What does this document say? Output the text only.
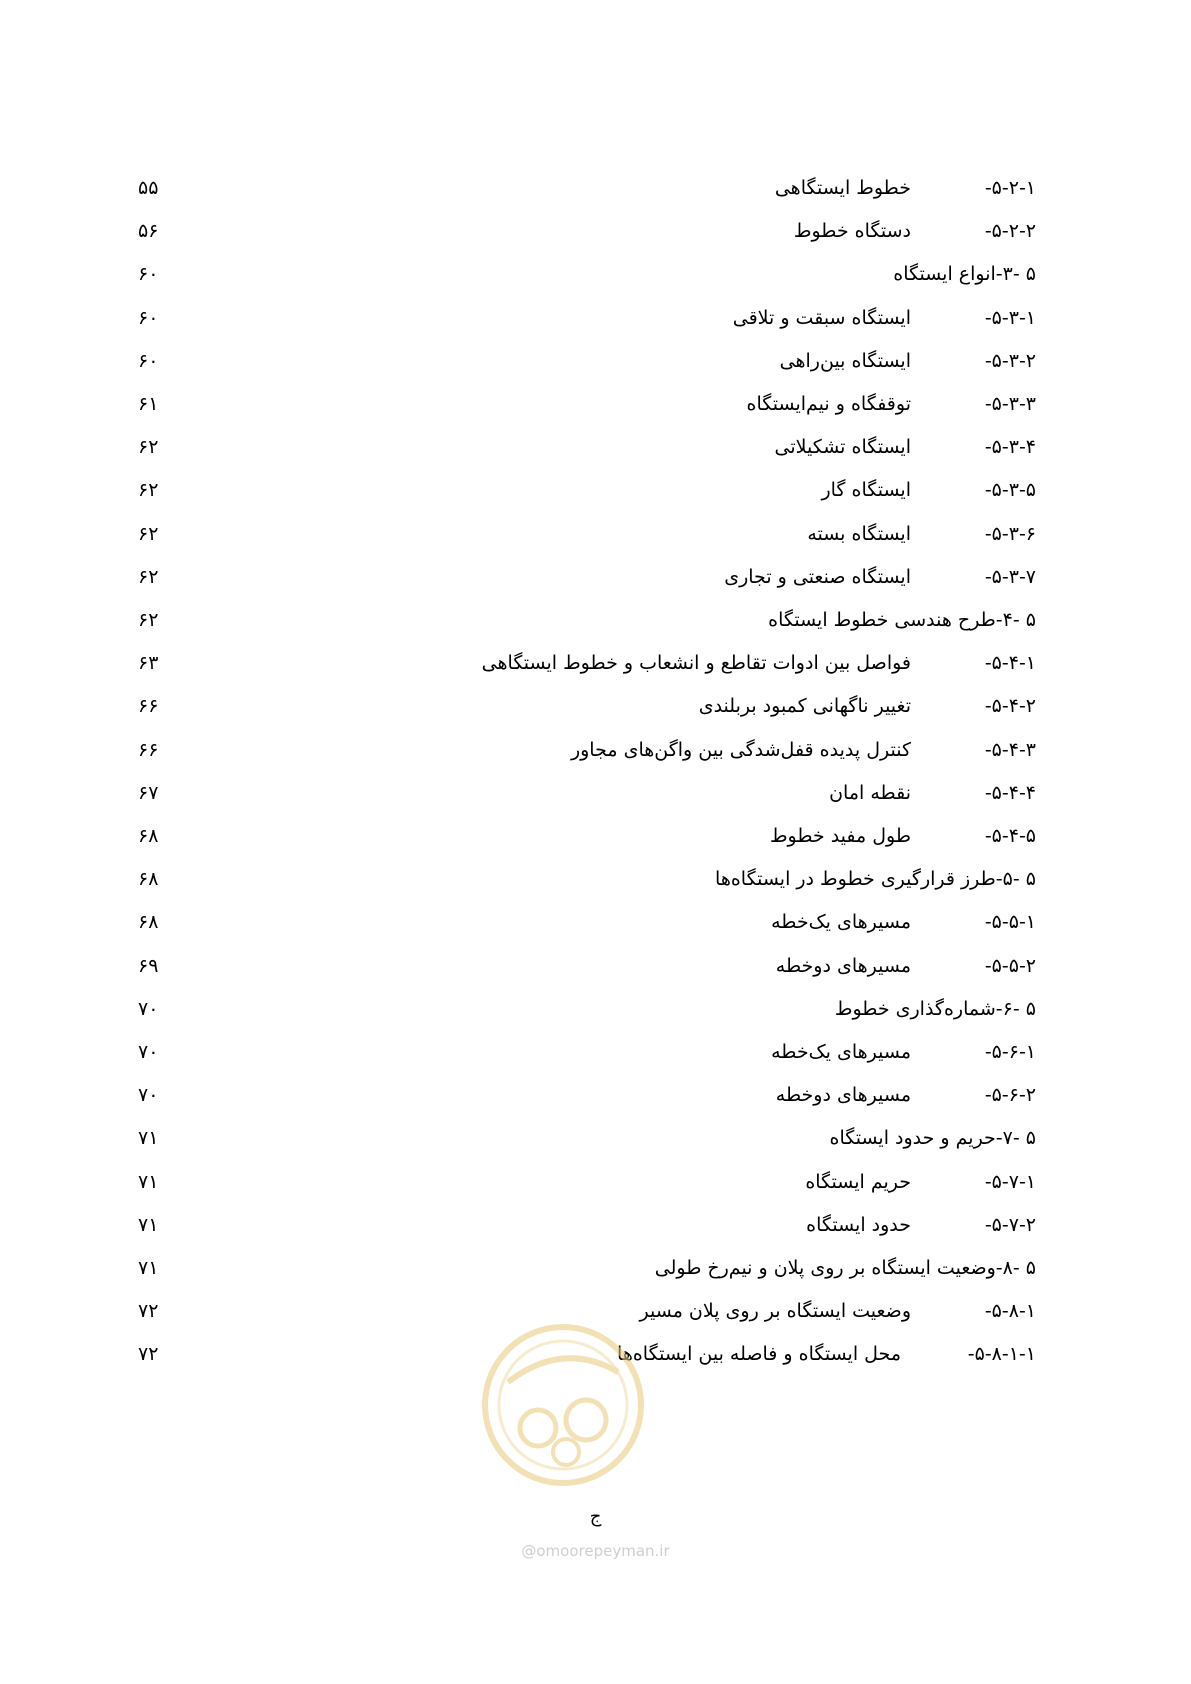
۵-۲-۱-
خطوط ایستگاهی
۵۵
۵-۲-۲-
دستگاه خطوط
۵۶
۵ -۳-انواع ایستگاه
۶۰
۵-۳-۱-
ایستگاه سبقت و تلاقی
۶۰
۵-۳-۲-
ایستگاه بین‌راهی
۶۰
۵-۳-۳-
توقفگاه و نیم‌ایستگاه
۶۱
۵-۳-۴-
ایستگاه تشکیلاتی
۶۲
۵-۳-۵-
ایستگاه گار
۶۲
۵-۳-۶-
ایستگاه بسته
۶۲
۵-۳-۷-
ایستگاه صنعتی و تجاری
۶۲
۵ -۴-طرح هندسی خطوط ایستگاه
۶۲
۵-۴-۱-
فواصل بین ادوات تقاطع و انشعاب و خطوط ایستگاهی
۶۳
۵-۴-۲-
تغییر ناگهانی کمبود بربلندی
۶۶
۵-۴-۳-
کنترل پدیده قفل‌شدگی بین واگن‌های مجاور
۶۶
۵-۴-۴-
نقطه امان
۶۷
۵-۴-۵-
طول مفید خطوط
۶۸
۵ -۵-طرز قرارگیری خطوط در ایستگاه‌ها
۶۸
۵-۵-۱-
مسیرهای یک‌خطه
۶۸
۵-۵-۲-
مسیرهای دوخطه
۶۹
۵ -۶-شماره‌گذاری خطوط
۷۰
۵-۶-۱-
مسیرهای یک‌خطه
۷۰
۵-۶-۲-
مسیرهای دوخطه
۷۰
۵ -۷-حریم و حدود ایستگاه
۷۱
۵-۷-۱-
حریم ایستگاه
۷۱
۵-۷-۲-
حدود ایستگاه
۷۱
۵ -۸-وضعیت ایستگاه بر روی پلان و نیم‌رخ طولی
۷۱
۵-۸-۱-
وضعیت ایستگاه بر روی پلان مسیر
۷۲
۵-۸-۱-۱-
محل ایستگاه و فاصله بین ایستگاه‌ها
۷۲
ج
@omoorepeyman.ir
